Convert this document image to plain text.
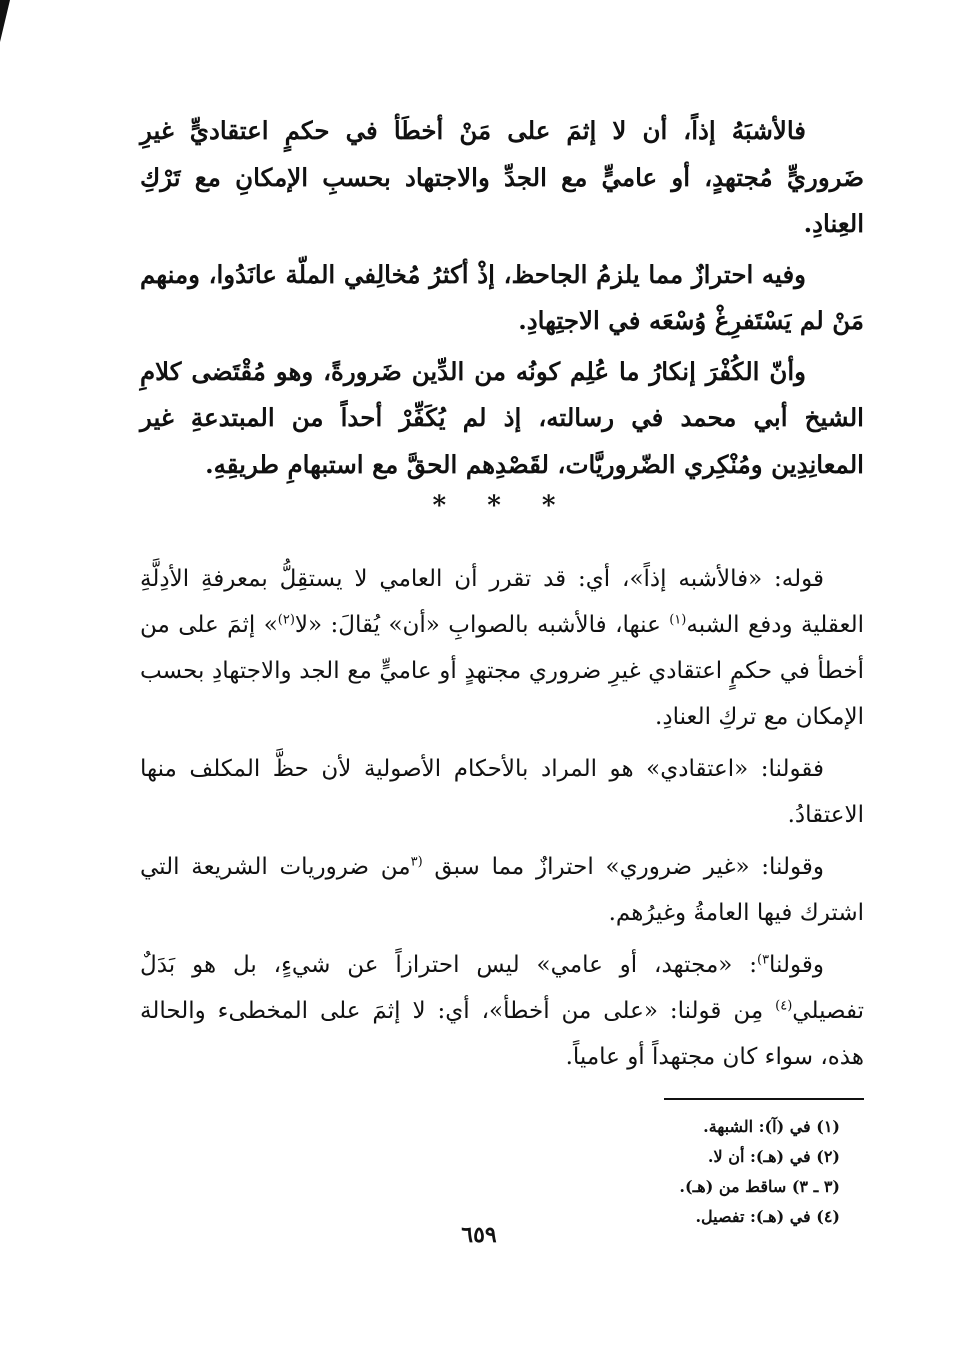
فالأشبَهُ إذاً، أن لا إثمَ على مَنْ أخطَأ في حكمٍ اعتقاديٍّ غيرِ ضَروريٍّ مُجتهدٍ، أو عاميٍّ مع الجدِّ والاجتهاد بحسبِ الإمكانِ مع تَرْكِ العِنادِ.

وفيه احترازٌ مما يلزمُ الجاحظ، إذْ أكثرُ مُخالِفي الملّة عانَدُوا، ومنهم مَنْ لم يَسْتَفرِغْ وُسْعَه في الاجتِهادِ.

وأنّ الكُفْرَ إنكارُ ما عُلِم كونُه من الدِّين ضَرورةً، وهو مُقْتَضى كلامِ الشيخ أبي محمد في رسالته، إذ لم يُكَفِّرْ أحداً من المبتدعةِ غير المعانِدِين ومُنْكِري الضّروريَّات، لقَصْدِهم الحقَّ مع استبهامِ طريقِهِ.

* * *

قوله: «فالأشبه إذاً»، أي: قد تقرر أن العامي لا يستقِلُّ بمعرفةِ الأدِلَّةِ العقلية ودفع الشبه$^{(١)}$ عنها، فالأشبه بالصوابِ «أن» يُقالَ: «لا$^{(٢)}$» إثمَ على من أخطأ في حكمٍ اعتقادي غيرِ ضروري مجتهدٍ أو عاميٍّ مع الجد والاجتهادِ بحسب الإمكان مع تركِ العنادِ.

فقولنا: «اعتقادي» هو المراد بالأحكام الأصولية لأن حظَّ المكلف منها الاعتقادُ.

وقولنا: «غير ضروري» احترازٌ مما سبق $^{(٣}$من ضروريات الشريعة التي اشترك فيها العامةُ وغيرُهم.

وقولنا$^{٣)}$: «مجتهد، أو عامي» ليس احترازاً عن شيءٍ، بل هو بَدَلٌ تفصيلي$^{(٤)}$ مِن قولنا: «على من أخطأ»، أي: لا إثمَ على المخطىء والحالة هذه، سواء كان مجتهداً أو عامياً.

(١) في (آ): الشبهة.
(٢) في (هـ): أن لا.
(٣ ـ ٣) ساقط من (هـ).
(٤) في (هـ): تفصيل.
٦٥٩
